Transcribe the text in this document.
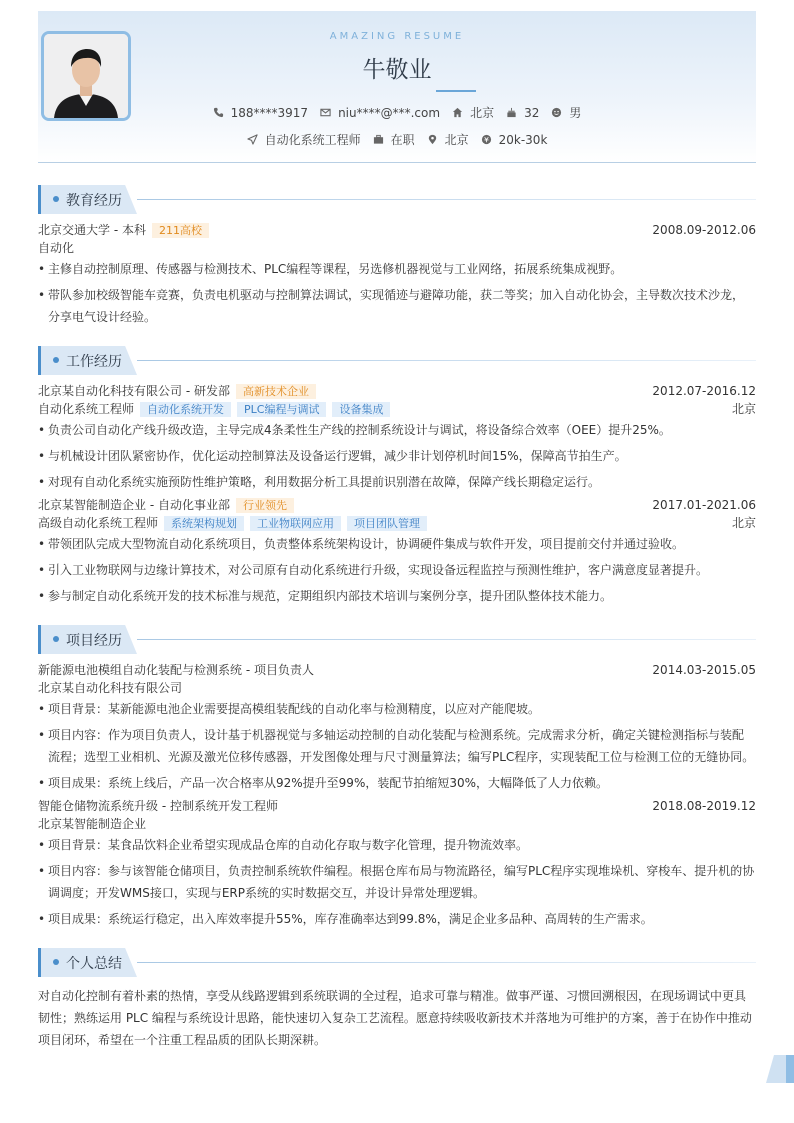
AMAZING RESUME
牛敬业
188****3917	niu****@***.com	北京	32	男
自动化系统工程师	在职	北京	20k-30k
教育经历
北京交通大学 - 本科	211高校	2008.09-2012.06
自动化
• 主修自动控制原理、传感器与检测技术、PLC编程等课程，另选修机器视觉与工业网络，拓展系统集成视野。
• 带队参加校级智能车竞赛，负责电机驱动与控制算法调试，实现循迹与避障功能，获二等奖；加入自动化协会，主导数次技术沙龙，
分享电气设计经验。
工作经历
北京某自动化科技有限公司 - 研发部	高新技术企业	2012.07-2016.12
自动化系统工程师	自动化系统开发	PLC编程与调试	设备集成	北京
• 负责公司自动化产线升级改造，主导完成4条柔性生产线的控制系统设计与调试，将设备综合效率（OEE）提升25%。
• 与机械设计团队紧密协作，优化运动控制算法及设备运行逻辑，减少非计划停机时间15%，保障高节拍生产。
• 对现有自动化系统实施预防性维护策略，利用数据分析工具提前识别潜在故障，保障产线长期稳定运行。
北京某智能制造企业 - 自动化事业部	行业领先	2017.01-2021.06
高级自动化系统工程师	系统架构规划	工业物联网应用	项目团队管理	北京
• 带领团队完成大型物流自动化系统项目，负责整体系统架构设计，协调硬件集成与软件开发，项目提前交付并通过验收。
• 引入工业物联网与边缘计算技术，对公司原有自动化系统进行升级，实现设备远程监控与预测性维护，客户满意度显著提升。
• 参与制定自动化系统开发的技术标准与规范，定期组织内部技术培训与案例分享，提升团队整体技术能力。
项目经历
新能源电池模组自动化装配与检测系统 - 项目负责人	2014.03-2015.05
北京某自动化科技有限公司
• 项目背景：某新能源电池企业需要提高模组装配线的自动化率与检测精度，以应对产能爬坡。
• 项目内容：作为项目负责人，设计基于机器视觉与多轴运动控制的自动化装配与检测系统。完成需求分析，确定关键检测指标与装配
流程；选型工业相机、光源及激光位移传感器，开发图像处理与尺寸测量算法；编写PLC程序，实现装配工位与检测工位的无缝协同。
• 项目成果：系统上线后，产品一次合格率从92%提升至99%，装配节拍缩短30%，大幅降低了人力依赖。
智能仓储物流系统升级 - 控制系统开发工程师	2018.08-2019.12
北京某智能制造企业
• 项目背景：某食品饮料企业希望实现成品仓库的自动化存取与数字化管理，提升物流效率。
• 项目内容：参与该智能仓储项目，负责控制系统软件编程。根据仓库布局与物流路径，编写PLC程序实现堆垛机、穿梭车、提升机的协
调调度；开发WMS接口，实现与ERP系统的实时数据交互，并设计异常处理逻辑。
• 项目成果：系统运行稳定，出入库效率提升55%，库存准确率达到99.8%，满足企业多品种、高周转的生产需求。
个人总结
对自动化控制有着朴素的热情，享受从线路逻辑到系统联调的全过程，追求可靠与精准。做事严谨、习惯回溯根因，在现场调试中更具
韧性；熟练运用 PLC 编程与系统设计思路，能快速切入复杂工艺流程。愿意持续吸收新技术并落地为可维护的方案，善于在协作中推动
项目闭环，希望在一个注重工程品质的团队长期深耕。
